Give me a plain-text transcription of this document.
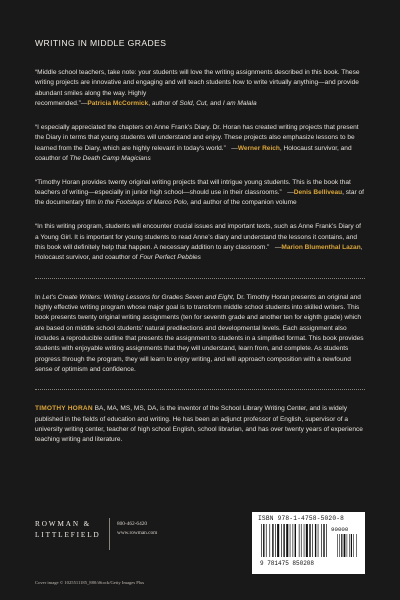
WRITING IN MIDDLE GRADES

“Middle school teachers, take note: your students will love the writing assignments described in this book. These writing projects are innovative and engaging and will teach students how to write virtually anything—and provide abundant smiles along the way. Highly recommended.”—Patricia McCormick, author of Sold, Cut, and I am Malala

“I especially appreciated the chapters on Anne Frank’s Diary. Dr. Horan has created writing projects that present the Diary in terms that young students will understand and enjoy. These projects also emphasize lessons to be learned from the Diary, which are highly relevant in today’s world.” —Werner Reich, Holocaust survivor, and coauthor of The Death Camp Magicians

“Timothy Horan provides twenty original writing projects that will intrigue young students. This is the book that teachers of writing—especially in junior high school—should use in their classrooms.” —Denis Belliveau, star of the documentary film In the Footsteps of Marco Polo, and author of the companion volume

“In this writing program, students will encounter crucial issues and important texts, such as Anne Frank’s Diary of a Young Girl. It is important for young students to read Anne’s diary and understand the lessons it contains, and this book will definitely help that happen. A necessary addition to any classroom.” —Marion Blumenthal Lazan, Holocaust survivor, and coauthor of Four Perfect Pebbles

In Let’s Create Writers: Writing Lessons for Grades Seven and Eight, Dr. Timothy Horan presents an original and highly effective writing program whose major goal is to transform middle school students into skilled writers. This book presents twenty original writing assignments (ten for seventh grade and another ten for eighth grade) which are based on middle school students’ natural predilections and developmental levels. Each assignment also includes a reproducible outline that presents the assignment to students in a simplified format. This book provides students with enjoyable writing assignments that they will understand, learn from, and complete. As students progress through the program, they will learn to enjoy writing, and will approach composition with a newfound sense of optimism and confidence.

TIMOTHY HORAN BA, MA, MS, MS, DA, is the inventor of the School Library Writing Center, and is widely published in the fields of education and writing. He has been an adjunct professor of English, supervisor of a university writing center, teacher of high school English, school librarian, and has over twenty years of experience teaching writing and literature.

ROWMAN &
LITTLEFIELD
800-462-6420
www.rowman.com
ISBN 978-1-4758-5020-8
9 781475 850208
90000
Cover image © 1025511185_880/iStock/Getty Images Plus
